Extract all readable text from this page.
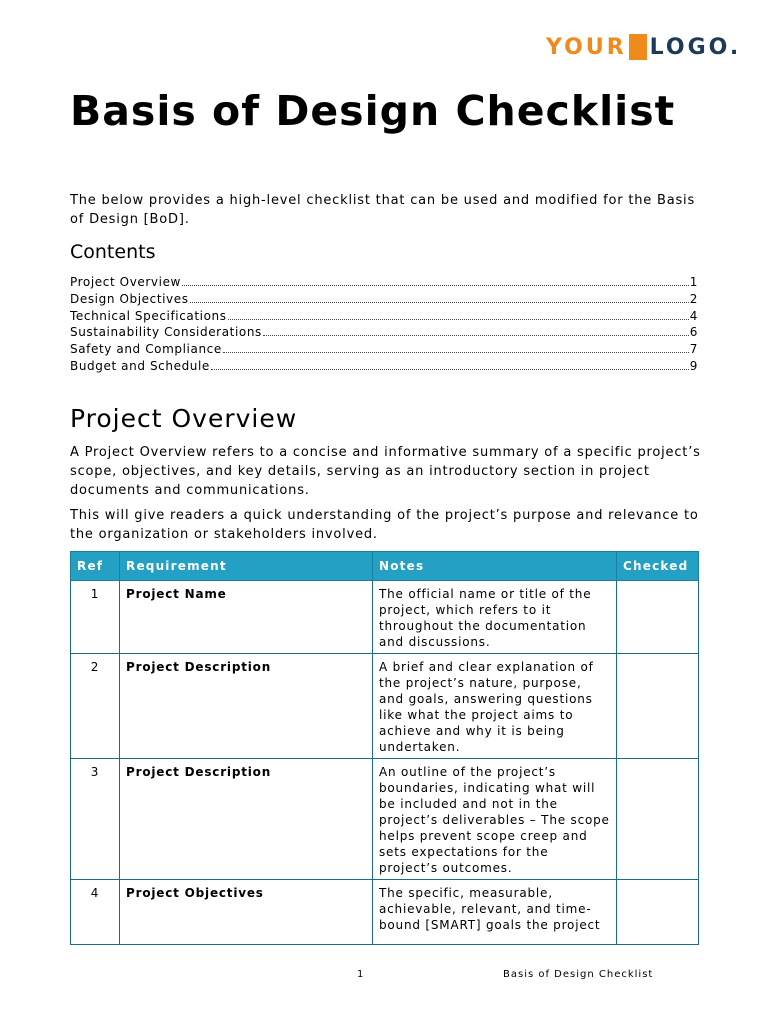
YOUR LOGO.
Basis of Design Checklist

The below provides a high-level checklist that can be used and modified for the Basis of Design [BoD].

Contents
Project Overview	1
Design Objectives	2
Technical Specifications	4
Sustainability Considerations	6
Safety and Compliance	7
Budget and Schedule	9
Project Overview

A Project Overview refers to a concise and informative summary of a specific project’s scope, objectives, and key details, serving as an introductory section in project documents and communications.

This will give readers a quick understanding of the project’s purpose and relevance to the organization or stakeholders involved.

Ref	Requirement	Notes	Checked
1	Project Name	The official name or title of the project, which refers to it throughout the documentation and discussions.	
2	Project Description	A brief and clear explanation of the project’s nature, purpose, and goals, answering questions like what the project aims to achieve and why it is being undertaken.	
3	Project Description	An outline of the project’s boundaries, indicating what will be included and not in the project’s deliverables – The scope helps prevent scope creep and sets expectations for the project’s outcomes.	
4	Project Objectives	The specific, measurable, achievable, relevant, and time-bound [SMART] goals the project	

1	Basis of Design Checklist
